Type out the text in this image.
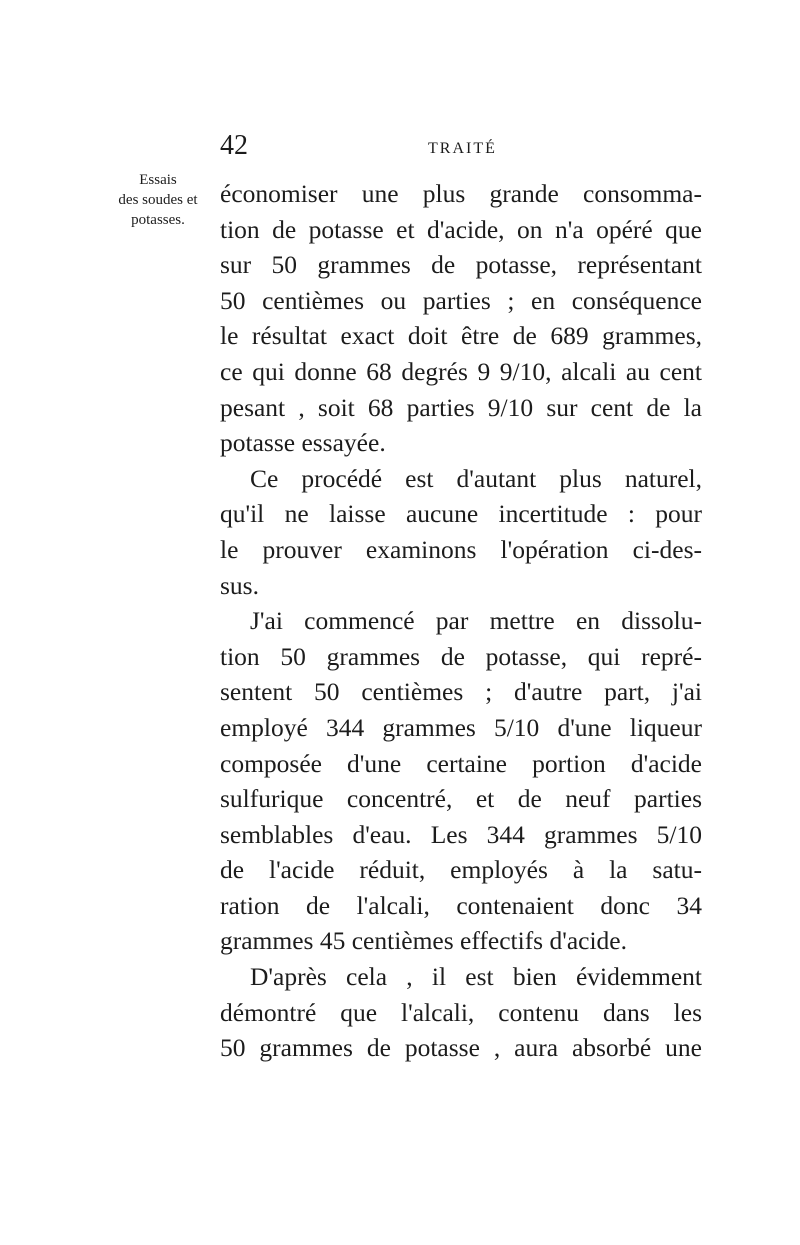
42	TRAITÉ
Essais
des soudes et
potasses.
économiser une plus grande consomma-
tion de potasse et d'acide, on n'a opéré que
sur 50 grammes de potasse, représentant
50 centièmes ou parties ; en conséquence
le résultat exact doit être de 689 grammes,
ce qui donne 68 degrés 9 9/10, alcali au cent
pesant , soit 68 parties 9/10 sur cent de la
potasse essayée.
Ce procédé est d'autant plus naturel,
qu'il ne laisse aucune incertitude : pour
le prouver examinons l'opération ci-des-
sus.
J'ai commencé par mettre en dissolu-
tion 50 grammes de potasse, qui repré-
sentent 50 centièmes ; d'autre part, j'ai
employé 344 grammes 5/10 d'une liqueur
composée d'une certaine portion d'acide
sulfurique concentré, et de neuf parties
semblables d'eau. Les 344 grammes 5/10
de l'acide réduit, employés à la satu-
ration de l'alcali, contenaient donc 34
grammes 45 centièmes effectifs d'acide.
D'après cela , il est bien évidemment
démontré que l'alcali, contenu dans les
50 grammes de potasse , aura absorbé une
